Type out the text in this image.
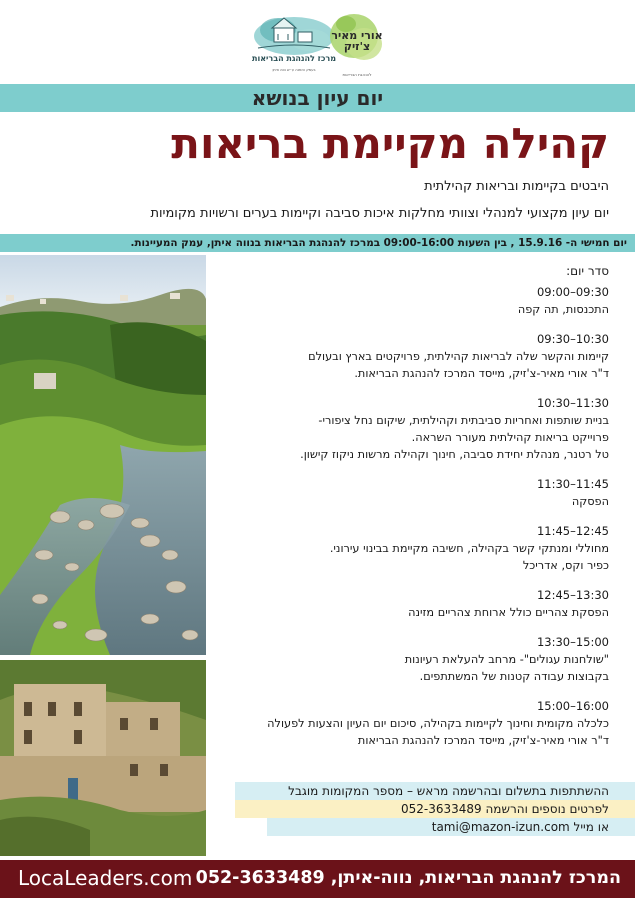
מרכז להנהגת הבריאות
בעמק הזמנה ע״ש נווה איתן
אורי מאיר צ'זיק
להנהגת הבריאות
יום עיון בנושא
קהילה מקיימת בריאות
היבטים בקיימות ובריאות קהילתית
יום עיון מקצועי למנהלי וצוותי מחלקות איכות סביבה וקיימות בערים ורשויות מקומיות
יום חמישי ה- 15.9.16 , בין השעות 09:00-16:00 במרכז להנהגת הבריאות בנווה איתן, עמק המעיינות.
סדר יום:
09:00–09:30
התכנסות, תה קפה
09:30–10:30
קיימות והקשר שלה לבריאות קהילתית, פרויקטים בארץ ובעולם
ד"ר אורי מאיר-צ'זיק, מייסד המרכז להנהגת הבריאות.
10:30–11:30
בניית שותפות ואחריות סביבתית וקהילתית, שיקום נחל ציפורי-
פרוייקט בריאות קהילתית מעורר השראה.
טל רטנר, מנהלת יחידת סביבה, חינוך וקהילה מרשות ניקוז קישון.
11:30–11:45
הפסקה
11:45–12:45
מחוללי ומנתקי קשר בקהילה, חשיבה מקיימת בבינוי עירוני.
כפיר וקס, אדריכל
12:45–13:30
הפסקת צהריים כולל ארוחת צהריים מזינה
13:30–15:00
"שולחנות עגולים"- מרחב להעלאת רעיונות
בקבוצות עבודה קטנות של המשתתפים.
15:00–16:00
כלכלה מקומית וחינוך לקיימות בקהילה, סיכום יום העיון והצעות לפעולה
ד"ר אורי מאיר-צ'זיק, מייסד המרכז להנהגת הבריאות
ההשתתפות בתשלום ובהרשמה מראש – מספר המקומות מוגבל
לפרטים נוספים והרשמה 052-3633489
או מייל tami@mazon-izun.com
LocaLeaders.com המרכז להנהגת הבריאות, נווה-איתן, 052-3633489
